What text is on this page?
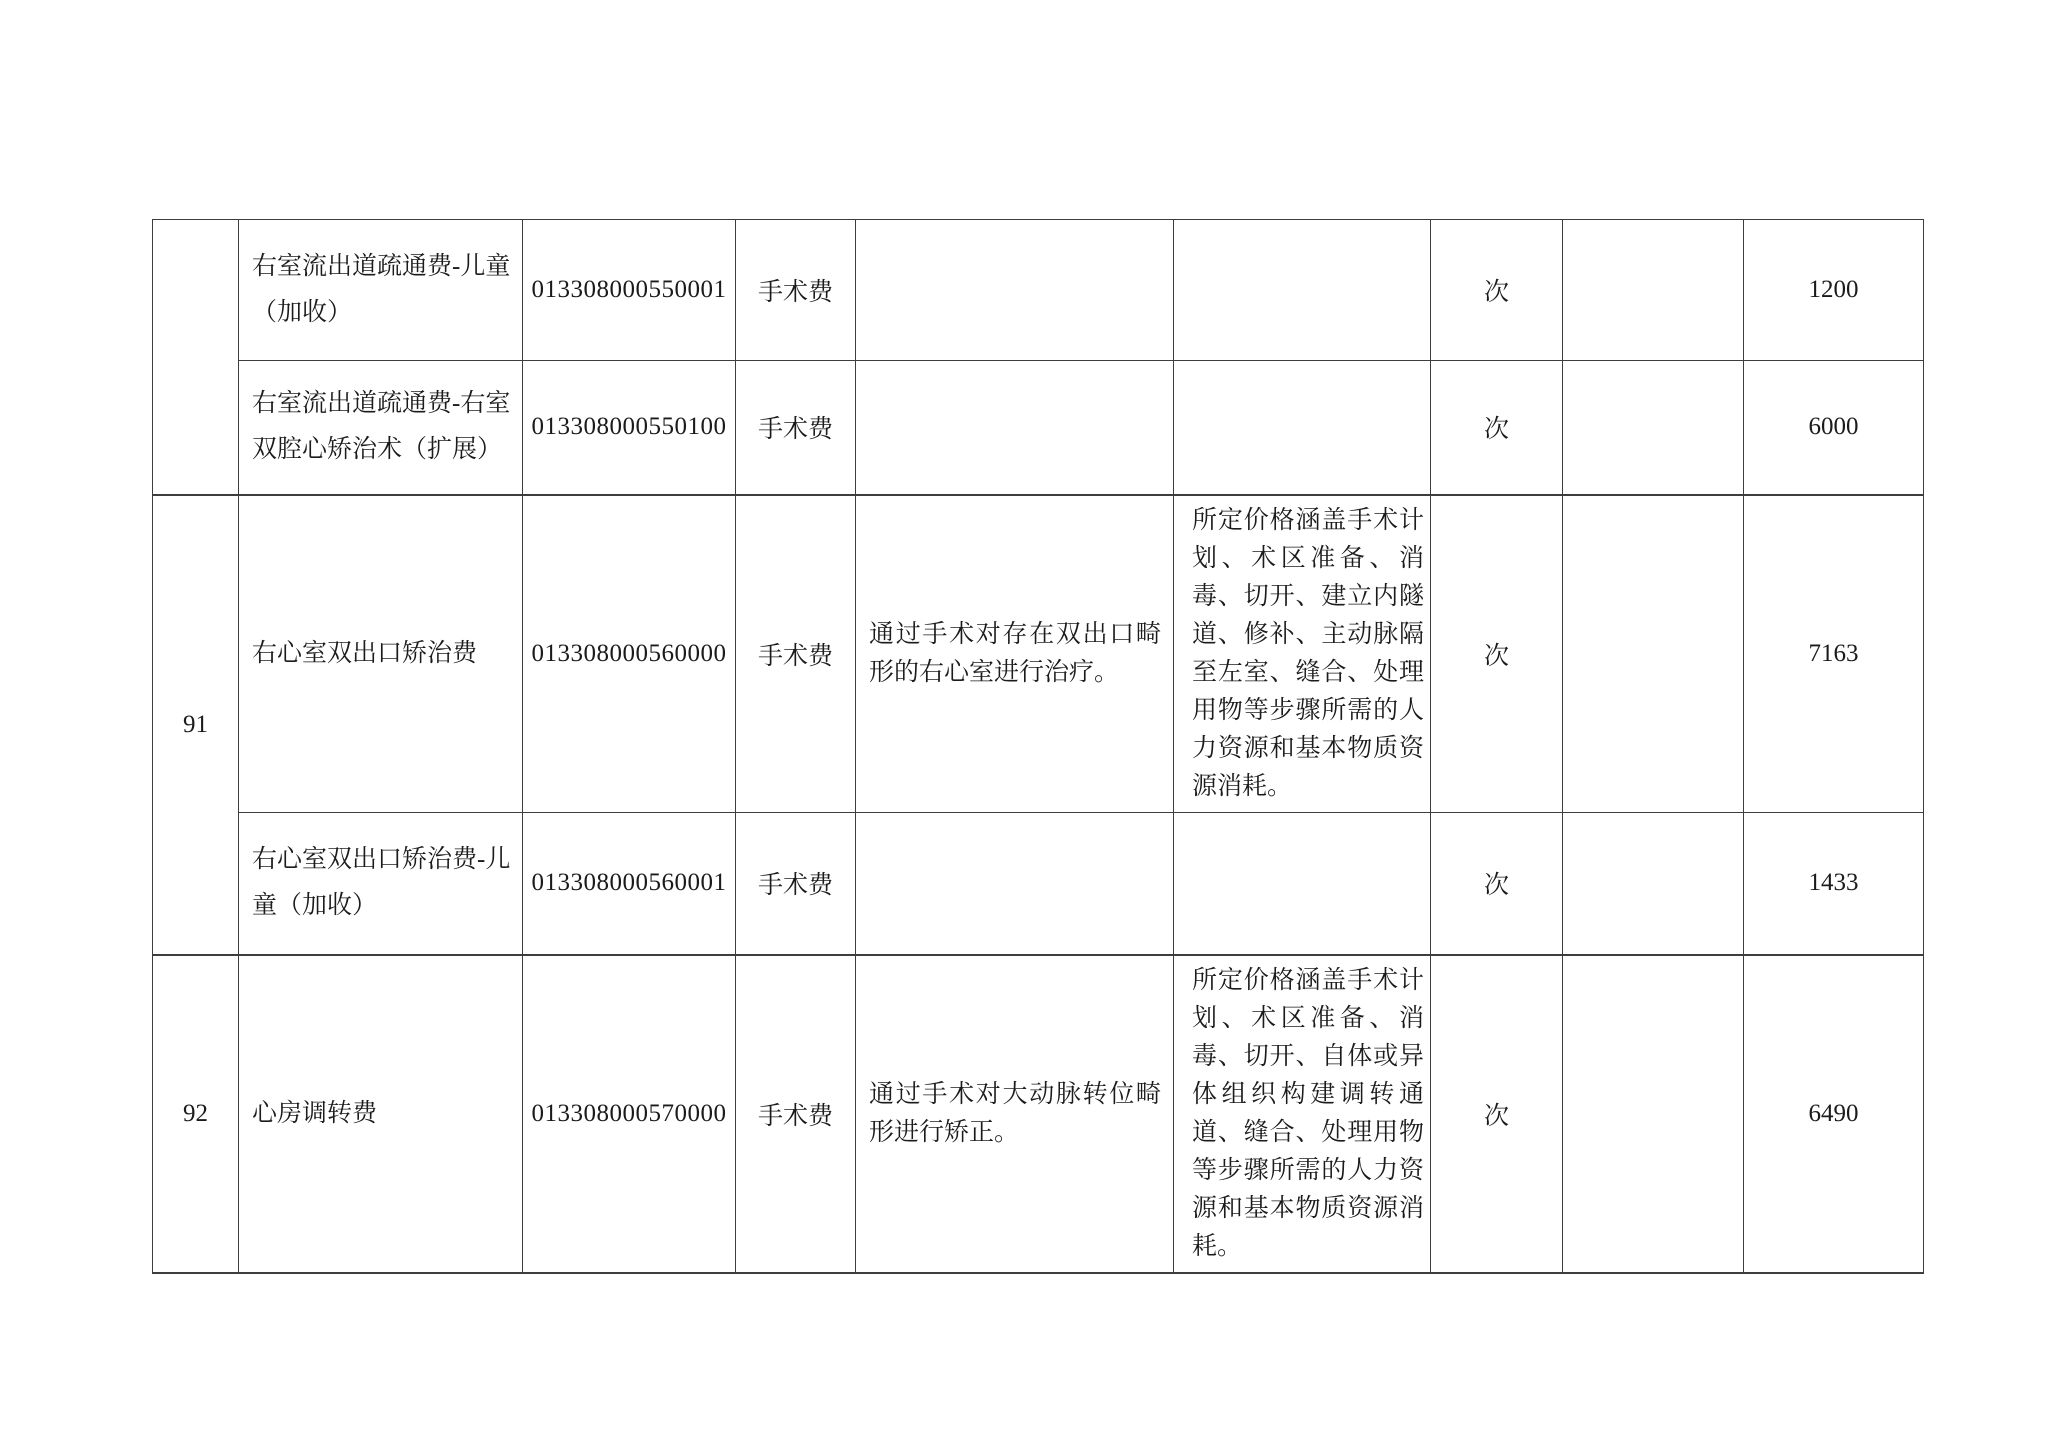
	右室流出道疏通费-儿童（加收）	013308000550001	手术费			次		1200
	右室流出道疏通费-右室双腔心矫治术（扩展）	013308000550100	手术费			次		6000
91	右心室双出口矫治费	013308000560000	手术费	通过手术对存在双出口畸形的右心室进行治疗。	所定价格涵盖手术计划、术区准备、消毒、切开、建立内隧道、修补、主动脉隔至左室、缝合、处理用物等步骤所需的人力资源和基本物质资源消耗。	次		7163
	右心室双出口矫治费-儿童（加收）	013308000560001	手术费			次		1433
92	心房调转费	013308000570000	手术费	通过手术对大动脉转位畸形进行矫正。	所定价格涵盖手术计划、术区准备、消毒、切开、自体或异体组织构建调转通道、缝合、处理用物等步骤所需的人力资源和基本物质资源消耗。	次		6490
